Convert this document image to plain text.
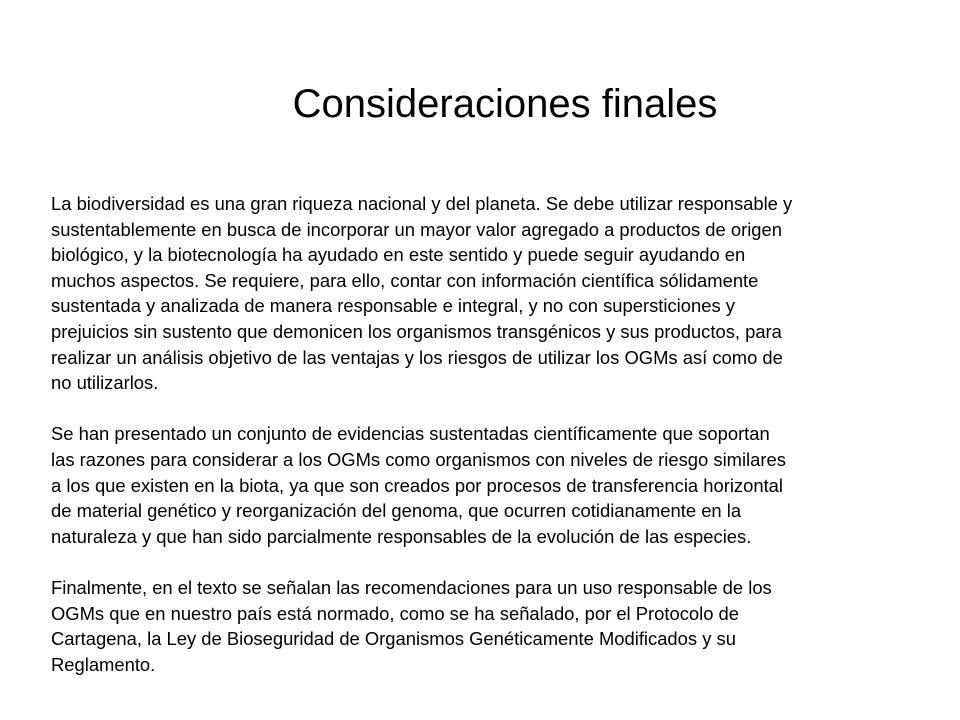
Consideraciones finales

La biodiversidad es una gran riqueza nacional y del planeta. Se debe utilizar responsable y
sustentablemente en busca de incorporar un mayor valor agregado a productos de origen
biológico, y la biotecnología ha ayudado en este sentido y puede seguir ayudando en
muchos aspectos. Se requiere, para ello, contar con información científica sólidamente
sustentada y analizada de manera responsable e integral, y no con supersticiones y
prejuicios sin sustento que demonicen los organismos transgénicos y sus productos, para
realizar un análisis objetivo de las ventajas y los riesgos de utilizar los OGMs así como de
no utilizarlos.

Se han presentado un conjunto de evidencias sustentadas científicamente que soportan
las razones para considerar a los OGMs como organismos con niveles de riesgo similares
a los que existen en la biota, ya que son creados por procesos de transferencia horizontal
de material genético y reorganización del genoma, que ocurren cotidianamente en la
naturaleza y que han sido parcialmente responsables de la evolución de las especies.

Finalmente, en el texto se señalan las recomendaciones para un uso responsable de los
OGMs que en nuestro país está normado, como se ha señalado, por el Protocolo de
Cartagena, la Ley de Bioseguridad de Organismos Genéticamente Modificados y su
Reglamento.
